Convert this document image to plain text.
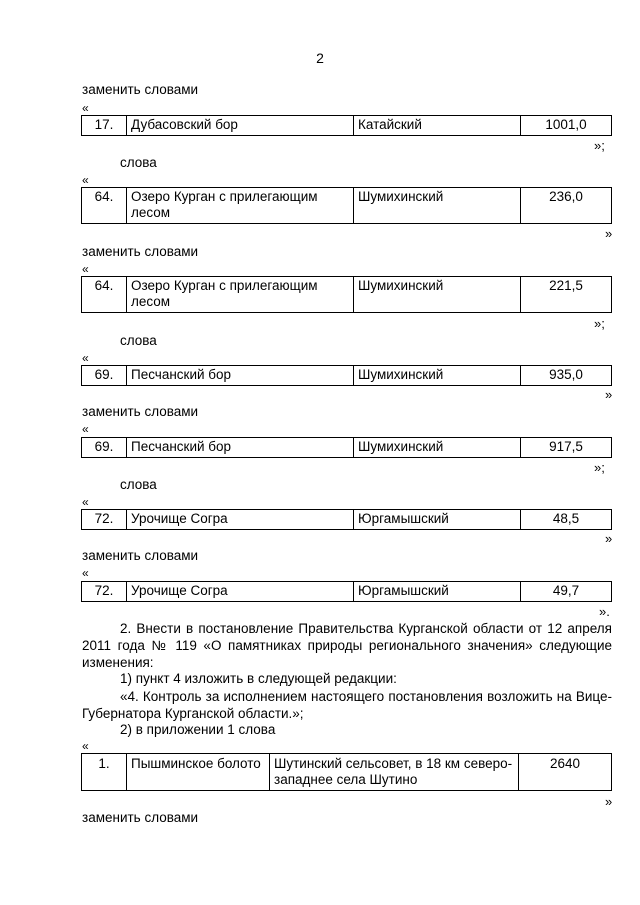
2
заменить словами
«
17.	Дубасовский бор	Катайский	1001,0
»;
слова
«
64.	Озеро Курган с прилегающим лесом	Шумихинский	236,0
»
заменить словами
«
64.	Озеро Курган с прилегающим лесом	Шумихинский	221,5
»;
слова
«
69.	Песчанский бор	Шумихинский	935,0
»
заменить словами
«
69.	Песчанский бор	Шумихинский	917,5
»;
слова
«
72.	Урочище Согра	Юргамышский	48,5
»
заменить словами
«
72.	Урочище Согра	Юргамышский	49,7
».
2. Внести в постановление Правительства Курганской области от 12 апреля 2011 года № 119 «О памятниках природы регионального значения» следующие изменения:
1) пункт 4 изложить в следующей редакции:
«4. Контроль за исполнением настоящего постановления возложить на Вице-Губернатора Курганской области.»;
2) в приложении 1 слова
«
1.	Пышминское болото	Шутинский сельсовет, в 18 км северо-западнее села Шутино	2640
»
заменить словами
